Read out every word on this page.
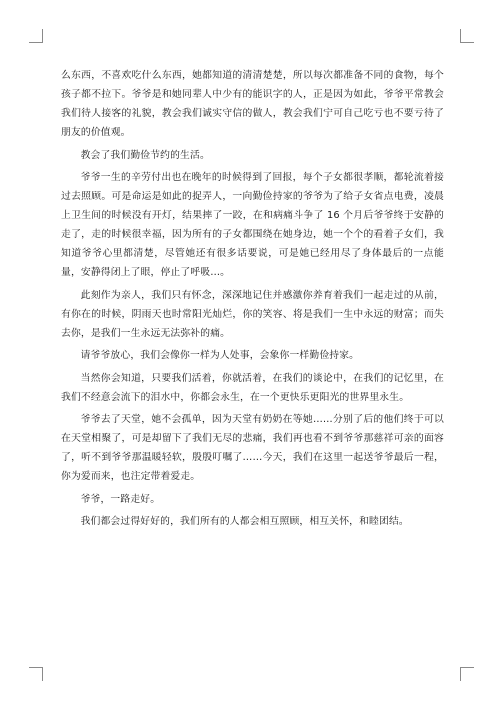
么东西，不喜欢吃什么东西，她都知道的清清楚楚，所以每次都准备不同的食物，每个孩子都不拉下。爷爷是和她同辈人中少有的能识字的人，正是因为如此，爷爷平常教会我们待人接客的礼貌，教会我们诚实守信的做人，教会我们宁可自己吃亏也不要亏待了朋友的价值观。

教会了我们勤俭节约的生活。

爷爷一生的辛劳付出也在晚年的时候得到了回报，每个子女都很孝顺，都轮流着接过去照顾。可是命运是如此的捉弄人，一向勤俭持家的爷爷为了给子女省点电费，凌晨上卫生间的时候没有开灯，结果摔了一跤，在和病痛斗争了 16 个月后爷爷终于安静的走了，走的时候很幸福，因为所有的子女都围绕在她身边，她一个个的看着子女们，我知道爷爷心里都清楚，尽管她还有很多话要说，可是她已经用尽了身体最后的一点能量，安静得闭上了眼，停止了呼吸…。

此刻作为亲人，我们只有怀念，深深地记住并感激你养育着我们一起走过的从前，有你在的时候，阴雨天也时常阳光灿烂，你的笑容、将是我们一生中永远的财富；而失去你，是我们一生永远无法弥补的痛。

请爷爷放心，我们会像你一样为人处事，会象你一样勤俭持家。

当然你会知道，只要我们活着，你就活着，在我们的谈论中，在我们的记忆里，在我们不经意会流下的泪水中，你都会永生，在一个更快乐更阳光的世界里永生。

爷爷去了天堂，她不会孤单，因为天堂有奶奶在等她……分别了后的他们终于可以在天堂相聚了，可是却留下了我们无尽的悲痛，我们再也看不到爷爷那慈祥可亲的面容了，听不到爷爷那温暖轻软，殷殷叮嘱了……今天，我们在这里一起送爷爷最后一程，你为爱而来，也注定带着爱走。

爷爷，一路走好。

我们都会过得好好的，我们所有的人都会相互照顾，相互关怀，和睦团结。
